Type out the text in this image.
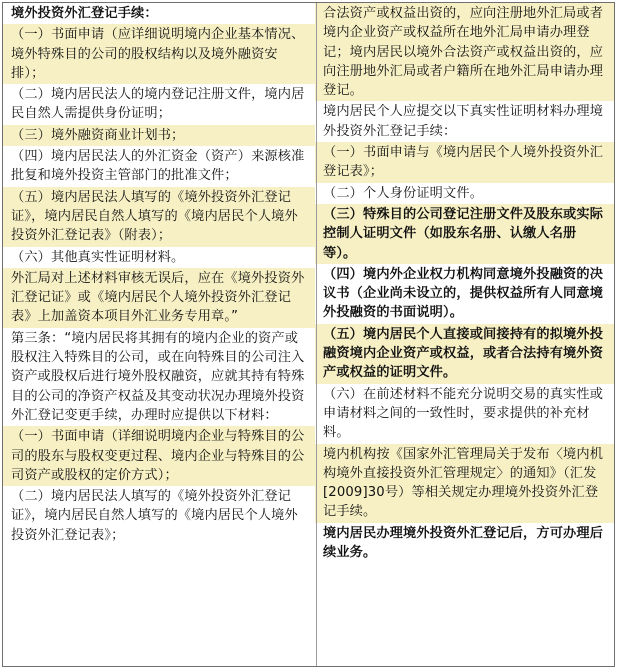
境外投资外汇登记手续：

（一）书面申请（应详细说明境内企业基本情况、境外特殊目的公司的股权结构以及境外融资安排）；

（二）境内居民法人的境内登记注册文件，境内居民自然人需提供身份证明；

（三）境外融资商业计划书；

（四）境内居民法人的外汇资金（资产）来源核准批复和境外投资主管部门的批准文件；

（五）境内居民法人填写的《境外投资外汇登记证》，境内居民自然人填写的《境内居民个人境外投资外汇登记表》（附表）；

（六）其他真实性证明材料。

外汇局对上述材料审核无误后，应在《境外投资外汇登记证》或《境内居民个人境外投资外汇登记表》上加盖资本项目外汇业务专用章。”

第三条：“境内居民将其拥有的境内企业的资产或股权注入特殊目的公司，或在向特殊目的公司注入资产或股权后进行境外股权融资，应就其持有特殊目的公司的净资产权益及其变动状况办理境外投资外汇登记变更手续，办理时应提供以下材料：

（一）书面申请（详细说明境内企业与特殊目的公司的股东与股权变更过程、境内企业与特殊目的公司资产或股权的定价方式）；

（二）境内居民法人填写的《境外投资外汇登记证》，境内居民自然人填写的《境内居民个人境外投资外汇登记表》；

合法资产或权益出资的，应向注册地外汇局或者境内企业资产或权益所在地外汇局申请办理登记；境内居民以境外合法资产或权益出资的，应向注册地外汇局或者户籍所在地外汇局申请办理登记。

境内居民个人应提交以下真实性证明材料办理境外投资外汇登记手续：

（一）书面申请与《境内居民个人境外投资外汇登记表》；

（二）个人身份证明文件。

（三）特殊目的公司登记注册文件及股东或实际控制人证明文件（如股东名册、认缴人名册等）。

（四）境内外企业权力机构同意境外投融资的决议书（企业尚未设立的，提供权益所有人同意境外投融资的书面说明）。

（五）境内居民个人直接或间接持有的拟境外投融资境内企业资产或权益，或者合法持有境外资产或权益的证明文件。

（六）在前述材料不能充分说明交易的真实性或申请材料之间的一致性时，要求提供的补充材料。

境内机构按《国家外汇管理局关于发布〈境内机构境外直接投资外汇管理规定〉的通知》（汇发[2009]30号）等相关规定办理境外投资外汇登记手续。

境内居民办理境外投资外汇登记后，方可办理后续业务。
